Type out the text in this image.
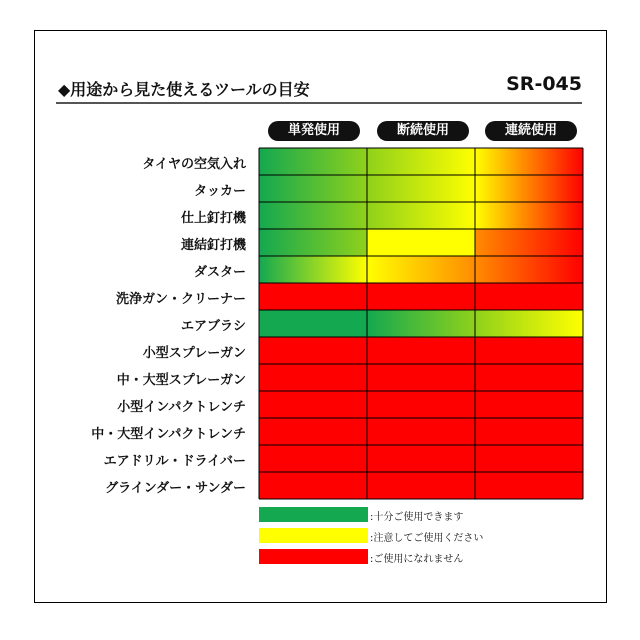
◆用途から見た使えるツールの目安	SR-045
単発使用	断続使用	連続使用
タイヤの空気入れ
タッカー
仕上釘打機
連結釘打機
ダスター
洗浄ガン・クリーナー
エアブラシ
小型スプレーガン
中・大型スプレーガン
小型インパクトレンチ
中・大型インパクトレンチ
エアドリル・ドライバー
グラインダー・サンダー
:十分ご使用できます
:注意してご使用ください
:ご使用になれません
